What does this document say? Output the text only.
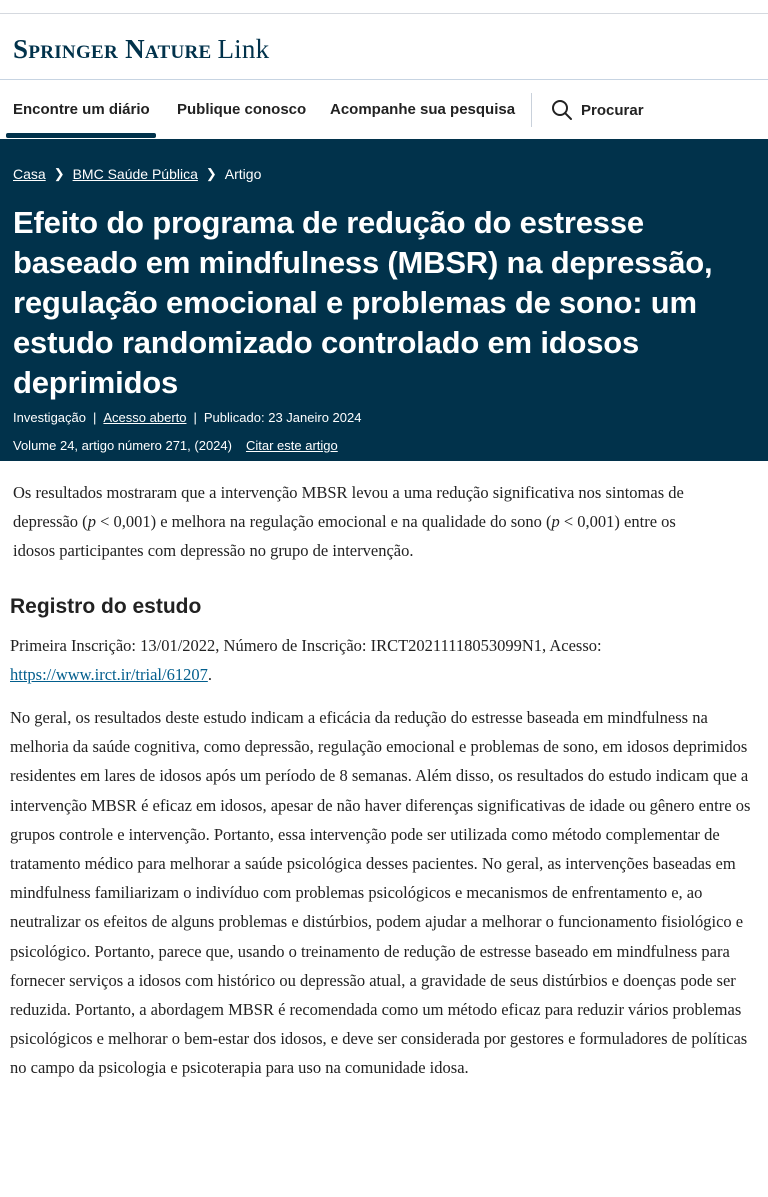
Springer Nature Link
Encontre um diário Publique conosco Acompanhe sua pesquisa	Procurar
Casa ❯ BMC Saúde Pública ❯ Artigo
Efeito do programa de redução do estresse baseado em mindfulness (MBSR) na depressão, regulação emocional e problemas de sono: um estudo randomizado controlado em idosos deprimidos
Investigação | Acesso aberto | Publicado: 23 Janeiro 2024
Volume 24, artigo número 271, (2024) Citar este artigo

Os resultados mostraram que a intervenção MBSR levou a uma redução significativa nos sintomas de depressão (p < 0,001) e melhora na regulação emocional e na qualidade do sono (p < 0,001) entre os idosos participantes com depressão no grupo de intervenção.

Registro do estudo

Primeira Inscrição: 13/01/2022, Número de Inscrição: IRCT20211118053099N1, Acesso: https://www.irct.ir/trial/61207.

No geral, os resultados deste estudo indicam a eficácia da redução do estresse baseada em mindfulness na melhoria da saúde cognitiva, como depressão, regulação emocional e problemas de sono, em idosos deprimidos residentes em lares de idosos após um período de 8 semanas. Além disso, os resultados do estudo indicam que a intervenção MBSR é eficaz em idosos, apesar de não haver diferenças significativas de idade ou gênero entre os grupos controle e intervenção. Portanto, essa intervenção pode ser utilizada como método complementar de tratamento médico para melhorar a saúde psicológica desses pacientes. No geral, as intervenções baseadas em mindfulness familiarizam o indivíduo com problemas psicológicos e mecanismos de enfrentamento e, ao neutralizar os efeitos de alguns problemas e distúrbios, podem ajudar a melhorar o funcionamento fisiológico e psicológico. Portanto, parece que, usando o treinamento de redução de estresse baseado em mindfulness para fornecer serviços a idosos com histórico ou depressão atual, a gravidade de seus distúrbios e doenças pode ser reduzida. Portanto, a abordagem MBSR é recomendada como um método eficaz para reduzir vários problemas psicológicos e melhorar o bem-estar dos idosos, e deve ser considerada por gestores e formuladores de políticas no campo da psicologia e psicoterapia para uso na comunidade idosa.
